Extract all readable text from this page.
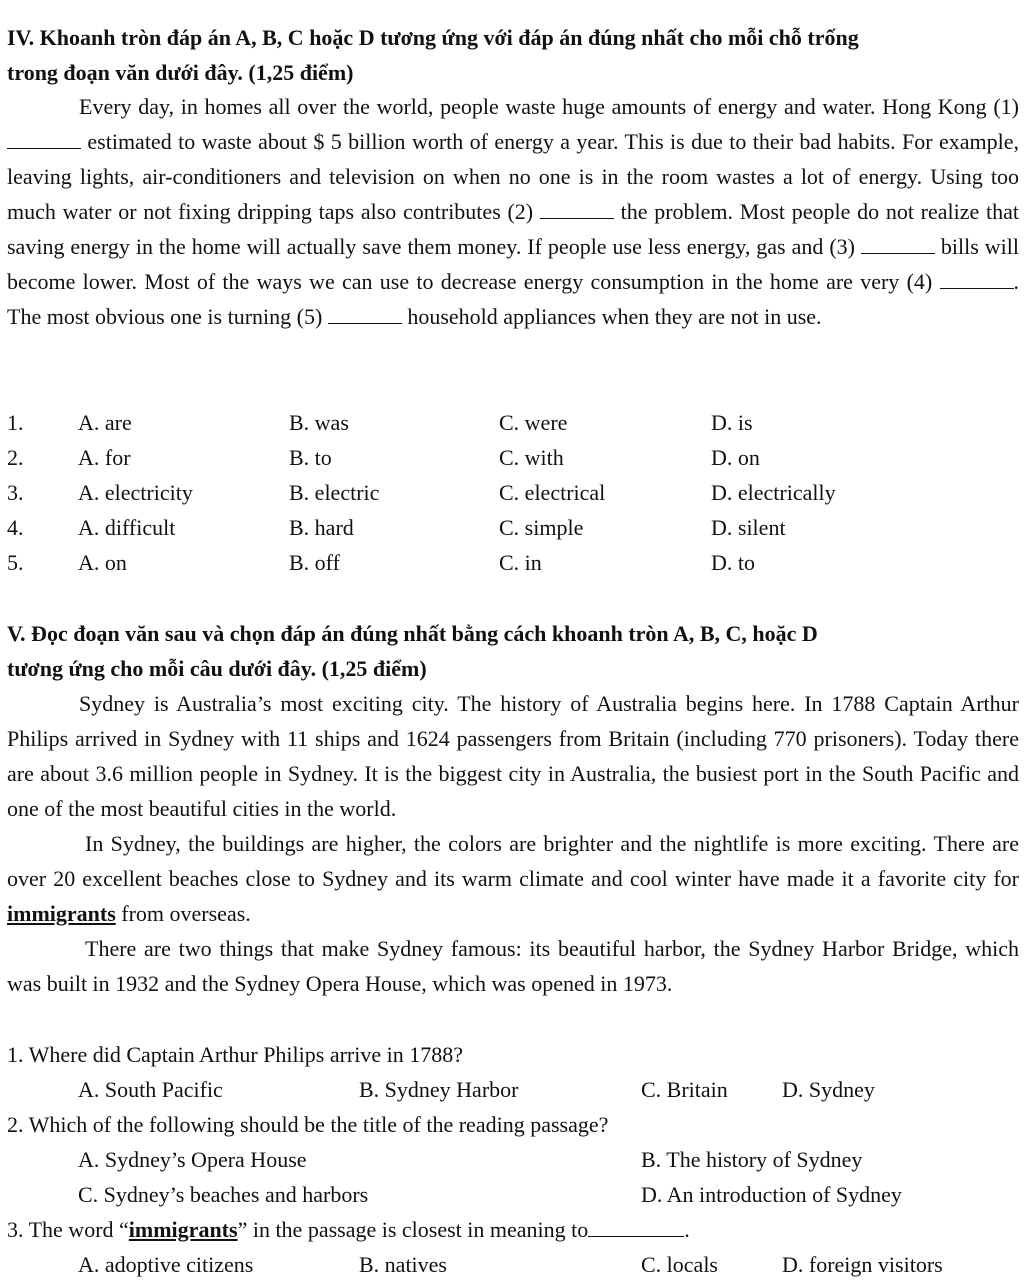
IV. Khoanh tròn đáp án A, B, C hoặc D tương ứng với đáp án đúng nhất cho mỗi chỗ trống
trong đoạn văn dưới đây. (1,25 điểm)
Every day, in homes all over the world, people waste huge amounts of energy and water. Hong Kong (1)  estimated to waste about $ 5 billion worth of energy a year. This is due to their bad habits. For example, leaving lights, air-conditioners and television on when no one is in the room wastes a lot of energy. Using too much water or not fixing dripping taps also contributes (2)	the problem. Most people do not realize that saving energy in the home will actually save them money. If people use less energy, gas and (3)	bills will become lower. Most of the ways we can use to decrease energy consumption in the home are very (4)	. The most obvious one is turning (5)	household appliances when they are not in use.
1. A. are	B. was	C. were	D. is
2. A. for	B. to	C. with	D. on
3. A. electricity	B. electric	C. electrical	D. electrically
4. A. difficult	B. hard	C. simple	D. silent
5. A. on	B. off	C. in	D. to
V. Đọc đoạn văn sau và chọn đáp án đúng nhất bằng cách khoanh tròn A, B, C, hoặc D
tương ứng cho mỗi câu dưới đây. (1,25 điểm)
Sydney is Australia’s most exciting city. The history of Australia begins here. In 1788 Captain Arthur Philips arrived in Sydney with 11 ships and 1624 passengers from Britain (including 770 prisoners). Today there are about 3.6 million people in Sydney. It is the biggest city in Australia, the busiest port in the South Pacific and one of the most beautiful cities in the world.
In Sydney, the buildings are higher, the colors are brighter and the nightlife is more exciting. There are over 20 excellent beaches close to Sydney and its warm climate and cool winter have made it a favorite city for immigrants from overseas.
There are two things that make Sydney famous: its beautiful harbor, the Sydney Harbor Bridge, which was built in 1932 and the Sydney Opera House, which was opened in 1973.
1. Where did Captain Arthur Philips arrive in 1788?
A. South Pacific	B. Sydney Harbor	C. Britain D. Sydney
2. Which of the following should be the title of the reading passage?
A. Sydney’s Opera House	B. The history of Sydney
C. Sydney’s beaches and harbors	D. An introduction of Sydney
3. The word “immigrants” in the passage is closest in meaning to	.
A. adoptive citizens	B. natives	C. locals	D. foreign visitors
